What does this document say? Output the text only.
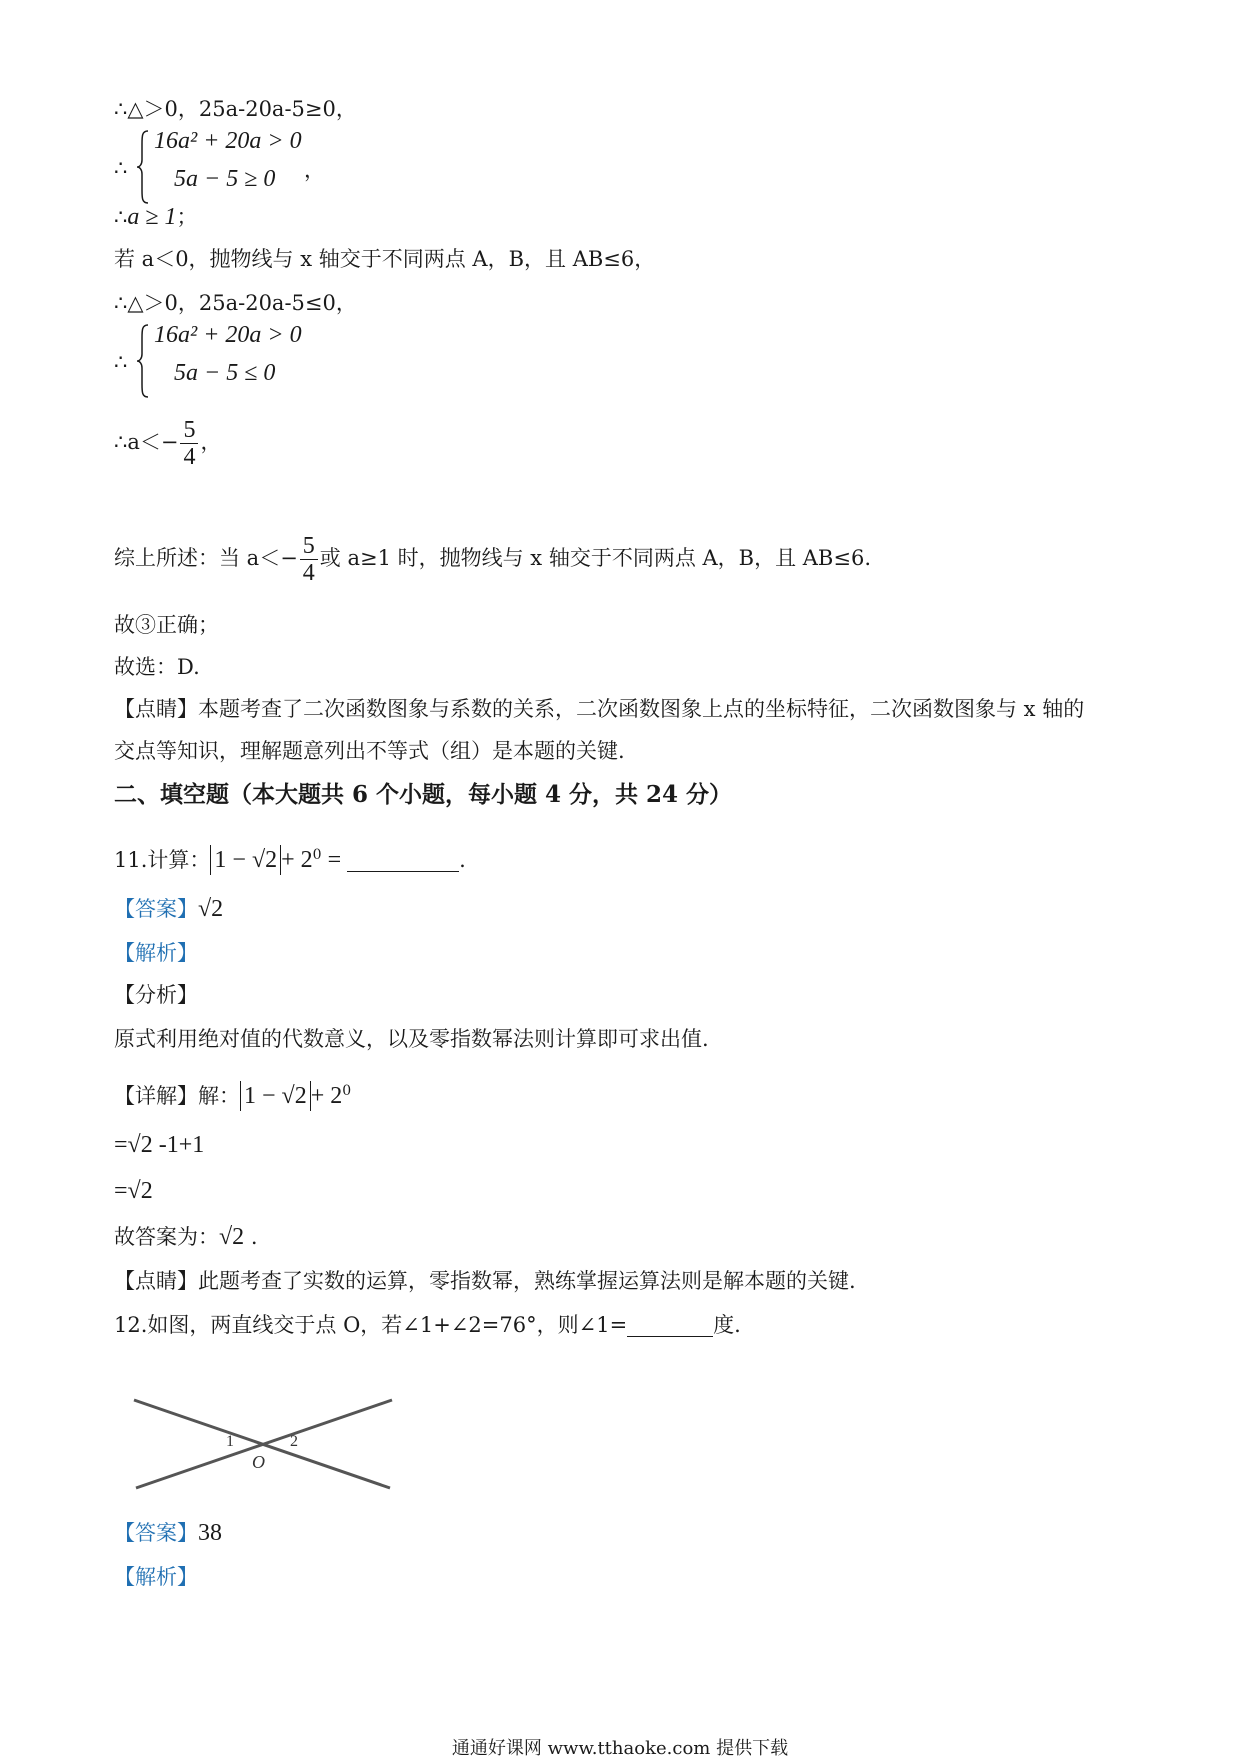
∴△＞0，25a-20a-5≥0，
∴
16a² + 20a > 0
5a − 5 ≥ 0 ，
∴a ≥ 1；
若 a＜0，抛物线与 x 轴交于不同两点 A，B，且 AB≤6，
∴△＞0，25a-20a-5≤0，
∴
16a² + 20a > 0
5a − 5 ≤ 0
∴a＜− $\frac{5}{4}$ ，
综上所述：当 $a<- \frac{5}{4}$ 或 a≥1 时，抛物线与 x 轴交于不同两点 A，B，且 AB≤6.
故③正确；
故选：D.
【点睛】本题考查了二次函数图象与系数的关系，二次函数图象上点的坐标特征，二次函数图象与 x 轴的
交点等知识，理解题意列出不等式（组）是本题的关键.
二、填空题（本大题共 6 个小题，每小题 4 分，共 24 分）
11.计算： $1 - √2 + 2^0$ =	.
【答案】√2
【解析】
【分析】
原式利用绝对值的代数意义，以及零指数幂法则计算即可求出值.
【详解】解： $1 - √2 + 2^0$
=√2 -1+1
=√2
故答案为：√2 .
【点睛】此题考查了实数的运算，零指数幂，熟练掌握运算法则是解本题的关键.
12.如图，两直线交于点 O，若∠1+∠2=76°，则∠1=	度.
1	2
O
【答案】38
【解析】
通通好课网 www.tthaoke.com 提供下载
